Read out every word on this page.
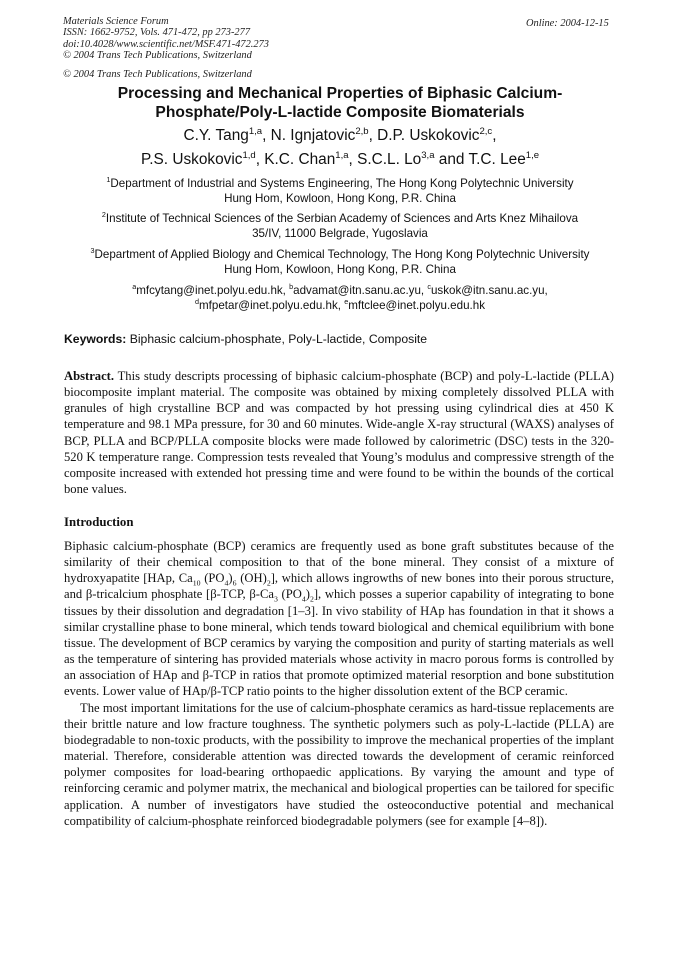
Materials Science Forum
ISSN: 1662-9752, Vols. 471-472, pp 273-277
doi:10.4028/www.scientific.net/MSF.471-472.273
© 2004 Trans Tech Publications, Switzerland
© 2004 Trans Tech Publications, Switzerland
Online: 2004-12-15
Processing and Mechanical Properties of Biphasic Calcium-
Phosphate/Poly-L-lactide Composite Biomaterials
C.Y. Tang$^{1,a}$, N. Ignjatovic$^{2,b}$, D.P. Uskokovic$^{2,c}$,
P.S. Uskokovic$^{1,d}$, K.C. Chan$^{1,a}$, S.C.L. Lo$^{3,a}$ and T.C. Lee$^{1,e}$
$^1$Department of Industrial and Systems Engineering, The Hong Kong Polytechnic University
Hung Hom, Kowloon, Hong Kong, P.R. China
$^2$Institute of Technical Sciences of the Serbian Academy of Sciences and Arts Knez Mihailova
35/IV, 11000 Belgrade, Yugoslavia
$^3$Department of Applied Biology and Chemical Technology, The Hong Kong Polytechnic University
Hung Hom, Kowloon, Hong Kong, P.R. China
$^a$mfcytang@inet.polyu.edu.hk, $^b$advamat@itn.sanu.ac.yu, $^c$uskok@itn.sanu.ac.yu,
$^d$mfpetar@inet.polyu.edu.hk, $^e$mftclee@inet.polyu.edu.hk
Keywords: Biphasic calcium-phosphate, Poly-L-lactide, Composite

Abstract. This study descripts processing of biphasic calcium-phosphate (BCP) and poly-L-lactide (PLLA) biocomposite implant material. The composite was obtained by mixing completely dissolved PLLA with granules of high crystalline BCP and was compacted by hot pressing using cylindrical dies at 450 K temperature and 98.1 MPa pressure, for 30 and 60 minutes. Wide-angle X-ray structural (WAXS) analyses of BCP, PLLA and BCP/PLLA composite blocks were made followed by calorimetric (DSC) tests in the 320-520 K temperature range. Compression tests revealed that Young’s modulus and compressive strength of the composite increased with extended hot pressing time and were found to be within the bounds of the cortical bone values.

Introduction

Biphasic calcium-phosphate (BCP) ceramics are frequently used as bone graft substitutes because of the similarity of their chemical composition to that of the bone mineral. They consist of a mixture of hydroxyapatite [HAp, $Ca_{10}$ $(PO_4)_6$ $(OH)_2$], which allows ingrowths of new bones into their porous structure, and β-tricalcium phosphate [β-TCP, $\beta-Ca_3$ $(PO_4)_2$], which posses a superior capability of integrating to bone tissues by their dissolution and degradation [1–3]. In vivo stability of HAp has foundation in that it shows a similar crystalline phase to bone mineral, which tends toward biological and chemical equilibrium with bone tissue. The development of BCP ceramics by varying the composition and purity of starting materials as well as the temperature of sintering has provided materials whose activity in macro porous forms is controlled by an association of HAp and β-TCP in ratios that promote optimized material resorption and bone substitution events. Lower value of HAp/β-TCP ratio points to the higher dissolution extent of the BCP ceramic.

The most important limitations for the use of calcium-phosphate ceramics as hard-tissue replacements are their brittle nature and low fracture toughness. The synthetic polymers such as poly-L-lactide (PLLA) are biodegradable to non-toxic products, with the possibility to improve the mechanical properties of the implant material. Therefore, considerable attention was directed towards the development of ceramic reinforced polymer composites for load-bearing orthopaedic applications. By varying the amount and type of reinforcing ceramic and polymer matrix, the mechanical and biological properties can be tailored for specific application. A number of investigators have studied the osteoconductive potential and mechanical compatibility of calcium-phosphate reinforced biodegradable polymers (see for example [4–8]).
